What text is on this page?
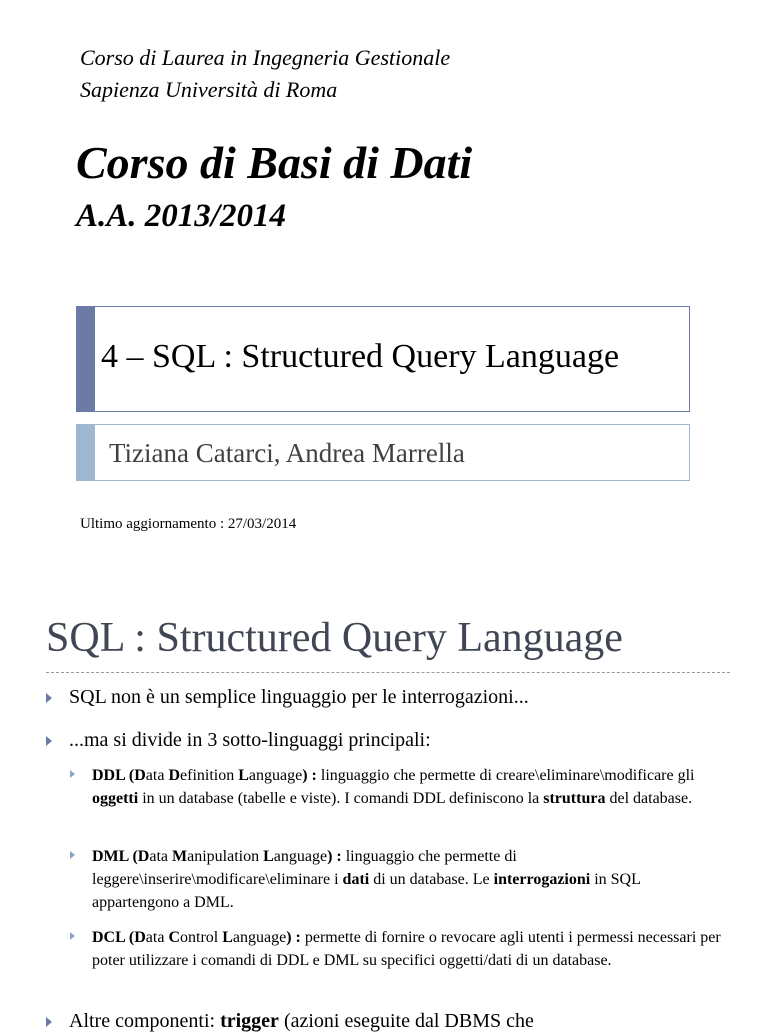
Corso di Laurea in Ingegneria Gestionale
Sapienza Università di Roma
Corso di Basi di Dati
A.A. 2013/2014
4 – SQL : Structured Query Language
Tiziana Catarci, Andrea Marrella
Ultimo aggiornamento : 27/03/2014
SQL : Structured Query Language
SQL non è un semplice linguaggio per le interrogazioni...
...ma si divide in 3 sotto-linguaggi principali:
DDL (Data Definition Language) : linguaggio che permette di creare\eliminare\modificare gli oggetti in un database (tabelle e viste). I comandi DDL definiscono la struttura del database.
DML (Data Manipulation Language) : linguaggio che permette di leggere\inserire\modificare\eliminare i dati di un database. Le interrogazioni in SQL appartengono a DML.
DCL (Data Control Language) : permette di fornire o revocare agli utenti i permessi necessari per poter utilizzare i comandi di DDL e DML su specifici oggetti/dati di un database.
Altre componenti: trigger (azioni eseguite dal DBMS che
